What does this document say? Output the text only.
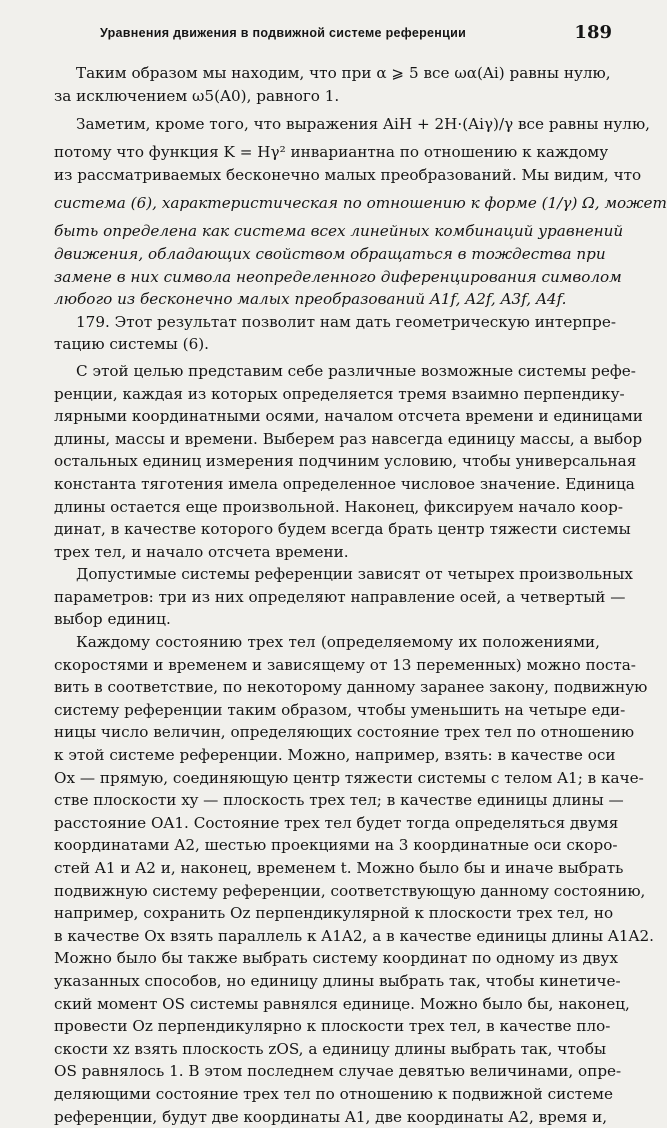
Уравнения движения в подвижной системе референции	189
Таким образом мы находим, что при α ⩾ 5 все ωα(Ai) равны нулю,
за исключением ω5(A0), равного 1.
Заметим, кроме того, что выражения AiH + 2H·(Aiγ)/γ все равны нулю,
потому что функция K = Hγ² инвариантна по отношению к каждому
из рассматриваемых бесконечно малых преобразований. Мы видим, что
система (6), характеристическая по отношению к форме (1/γ) Ω, может
быть определена как система всех линейных комбинаций уравнений
движения, обладающих свойством обращаться в тождества при
замене в них символа неопределенного диференцирования символом
любого из бесконечно малых преобразований A1f, A2f, A3f, A4f.
179. Этот результат позволит нам дать геометрическую интерпре-
тацию системы (6).
С этой целью представим себе различные возможные системы рефе-
ренции, каждая из которых определяется тремя взаимно перпендику-
лярными координатными осями, началом отсчета времени и единицами
длины, массы и времени. Выберем раз навсегда единицу массы, а выбор
остальных единиц измерения подчиним условию, чтобы универсальная
константа тяготения имела определенное числовое значение. Единица
длины остается еще произвольной. Наконец, фиксируем начало коор-
динат, в качестве которого будем всегда брать центр тяжести системы
трех тел, и начало отсчета времени.
Допустимые системы референции зависят от четырех произвольных
параметров: три из них определяют направление осей, а четвертый —
выбор единиц.
Каждому состоянию трех тел (определяемому их положениями,
скоростями и временем и зависящему от 13 переменных) можно поста-
вить в соответствие, по некоторому данному заранее закону, подвижную
систему референции таким образом, чтобы уменьшить на четыре еди-
ницы число величин, определяющих состояние трех тел по отношению
к этой системе референции. Можно, например, взять: в качестве оси
Ox — прямую, соединяющую центр тяжести системы с телом A1; в каче-
стве плоскости xy — плоскость трех тел; в качестве единицы длины —
расстояние OA1. Состояние трех тел будет тогда определяться двумя
координатами A2, шестью проекциями на 3 координатные оси скоро-
стей A1 и A2 и, наконец, временем t. Можно было бы и иначе выбрать
подвижную систему референции, соответствующую данному состоянию,
например, сохранить Oz перпендикулярной к плоскости трех тел, но
в качестве Ox взять параллель к A1A2, а в качестве единицы длины A1A2.
Можно было бы также выбрать систему координат по одному из двух
указанных способов, но единицу длины выбрать так, чтобы кинетиче-
ский момент OS системы равнялся единице. Можно было бы, наконец,
провести Oz перпендикулярно к плоскости трех тел, в качестве пло-
скости xz взять плоскость zOS, а единицу длины выбрать так, чтобы
OS равнялось 1. В этом последнем случае девятью величинами, опре-
деляющими состояние трех тел по отношению к подвижной системе
референции, будут две координаты A1, две координаты A2, время и,
